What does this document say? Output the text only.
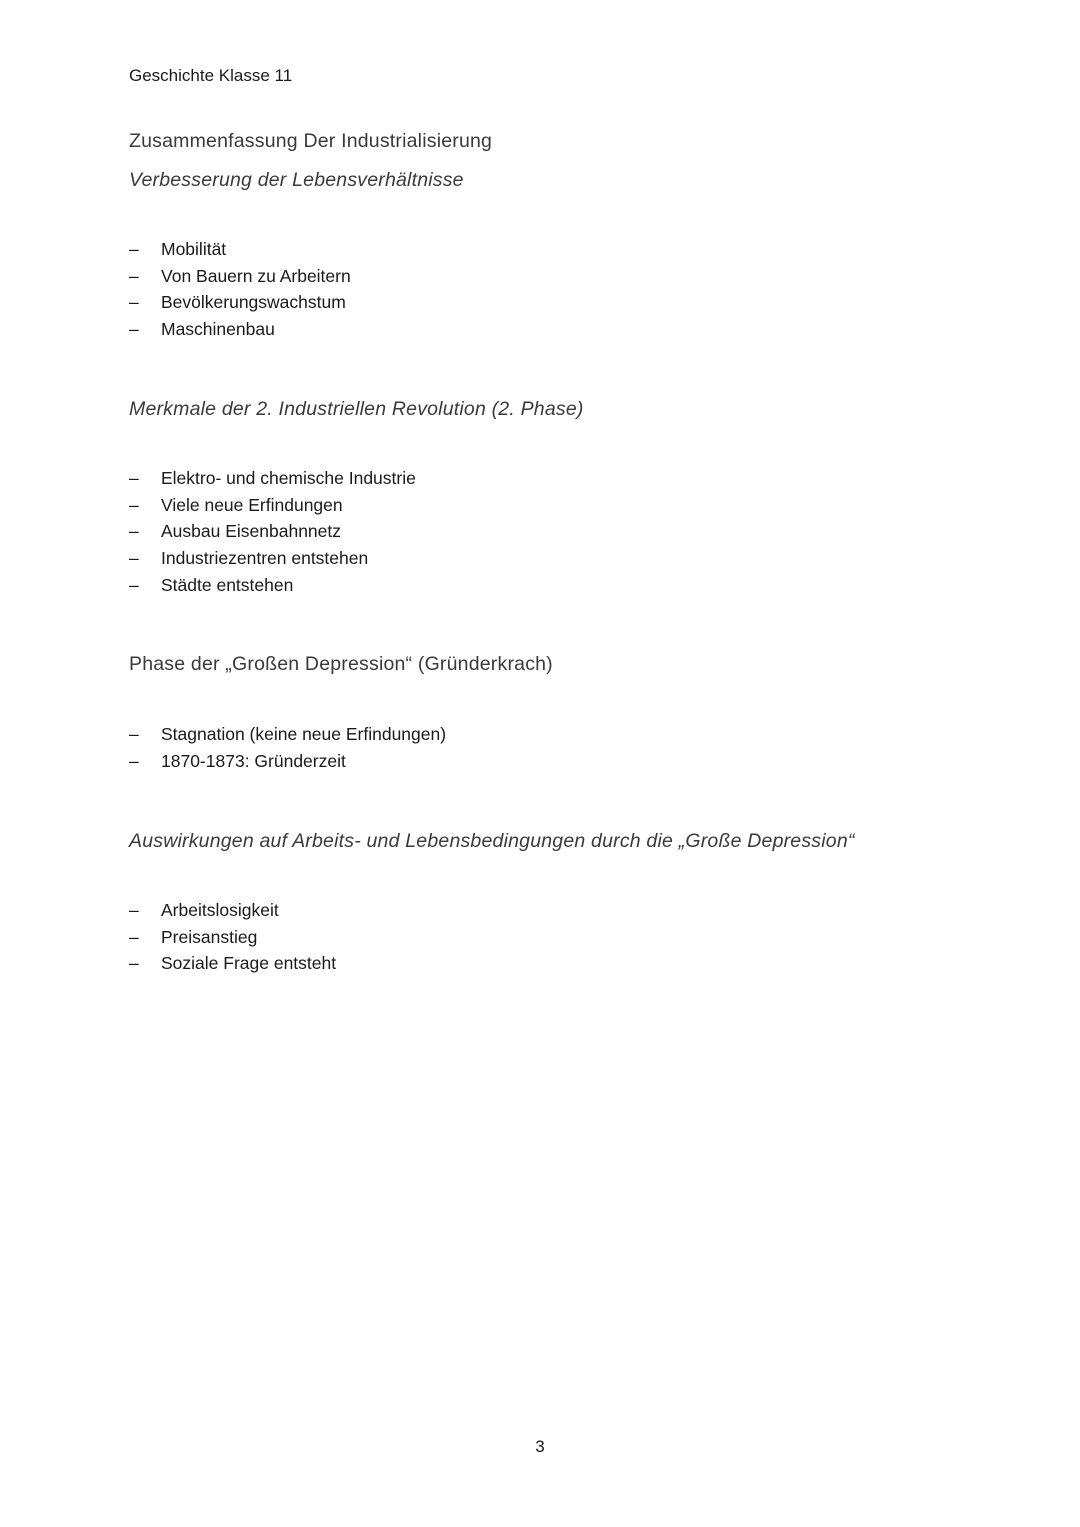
Geschichte Klasse 11
Zusammenfassung Der Industrialisierung
Verbesserung der Lebensverhältnisse
– Mobilität
– Von Bauern zu Arbeitern
– Bevölkerungswachstum
– Maschinenbau
Merkmale der 2. Industriellen Revolution (2. Phase)
– Elektro- und chemische Industrie
– Viele neue Erfindungen
– Ausbau Eisenbahnnetz
– Industriezentren entstehen
– Städte entstehen
Phase der „Großen Depression“ (Gründerkrach)
– Stagnation (keine neue Erfindungen)
– 1870-1873: Gründerzeit
Auswirkungen auf Arbeits- und Lebensbedingungen durch die „Große Depression“
– Arbeitslosigkeit
– Preisanstieg
– Soziale Frage entsteht
3
